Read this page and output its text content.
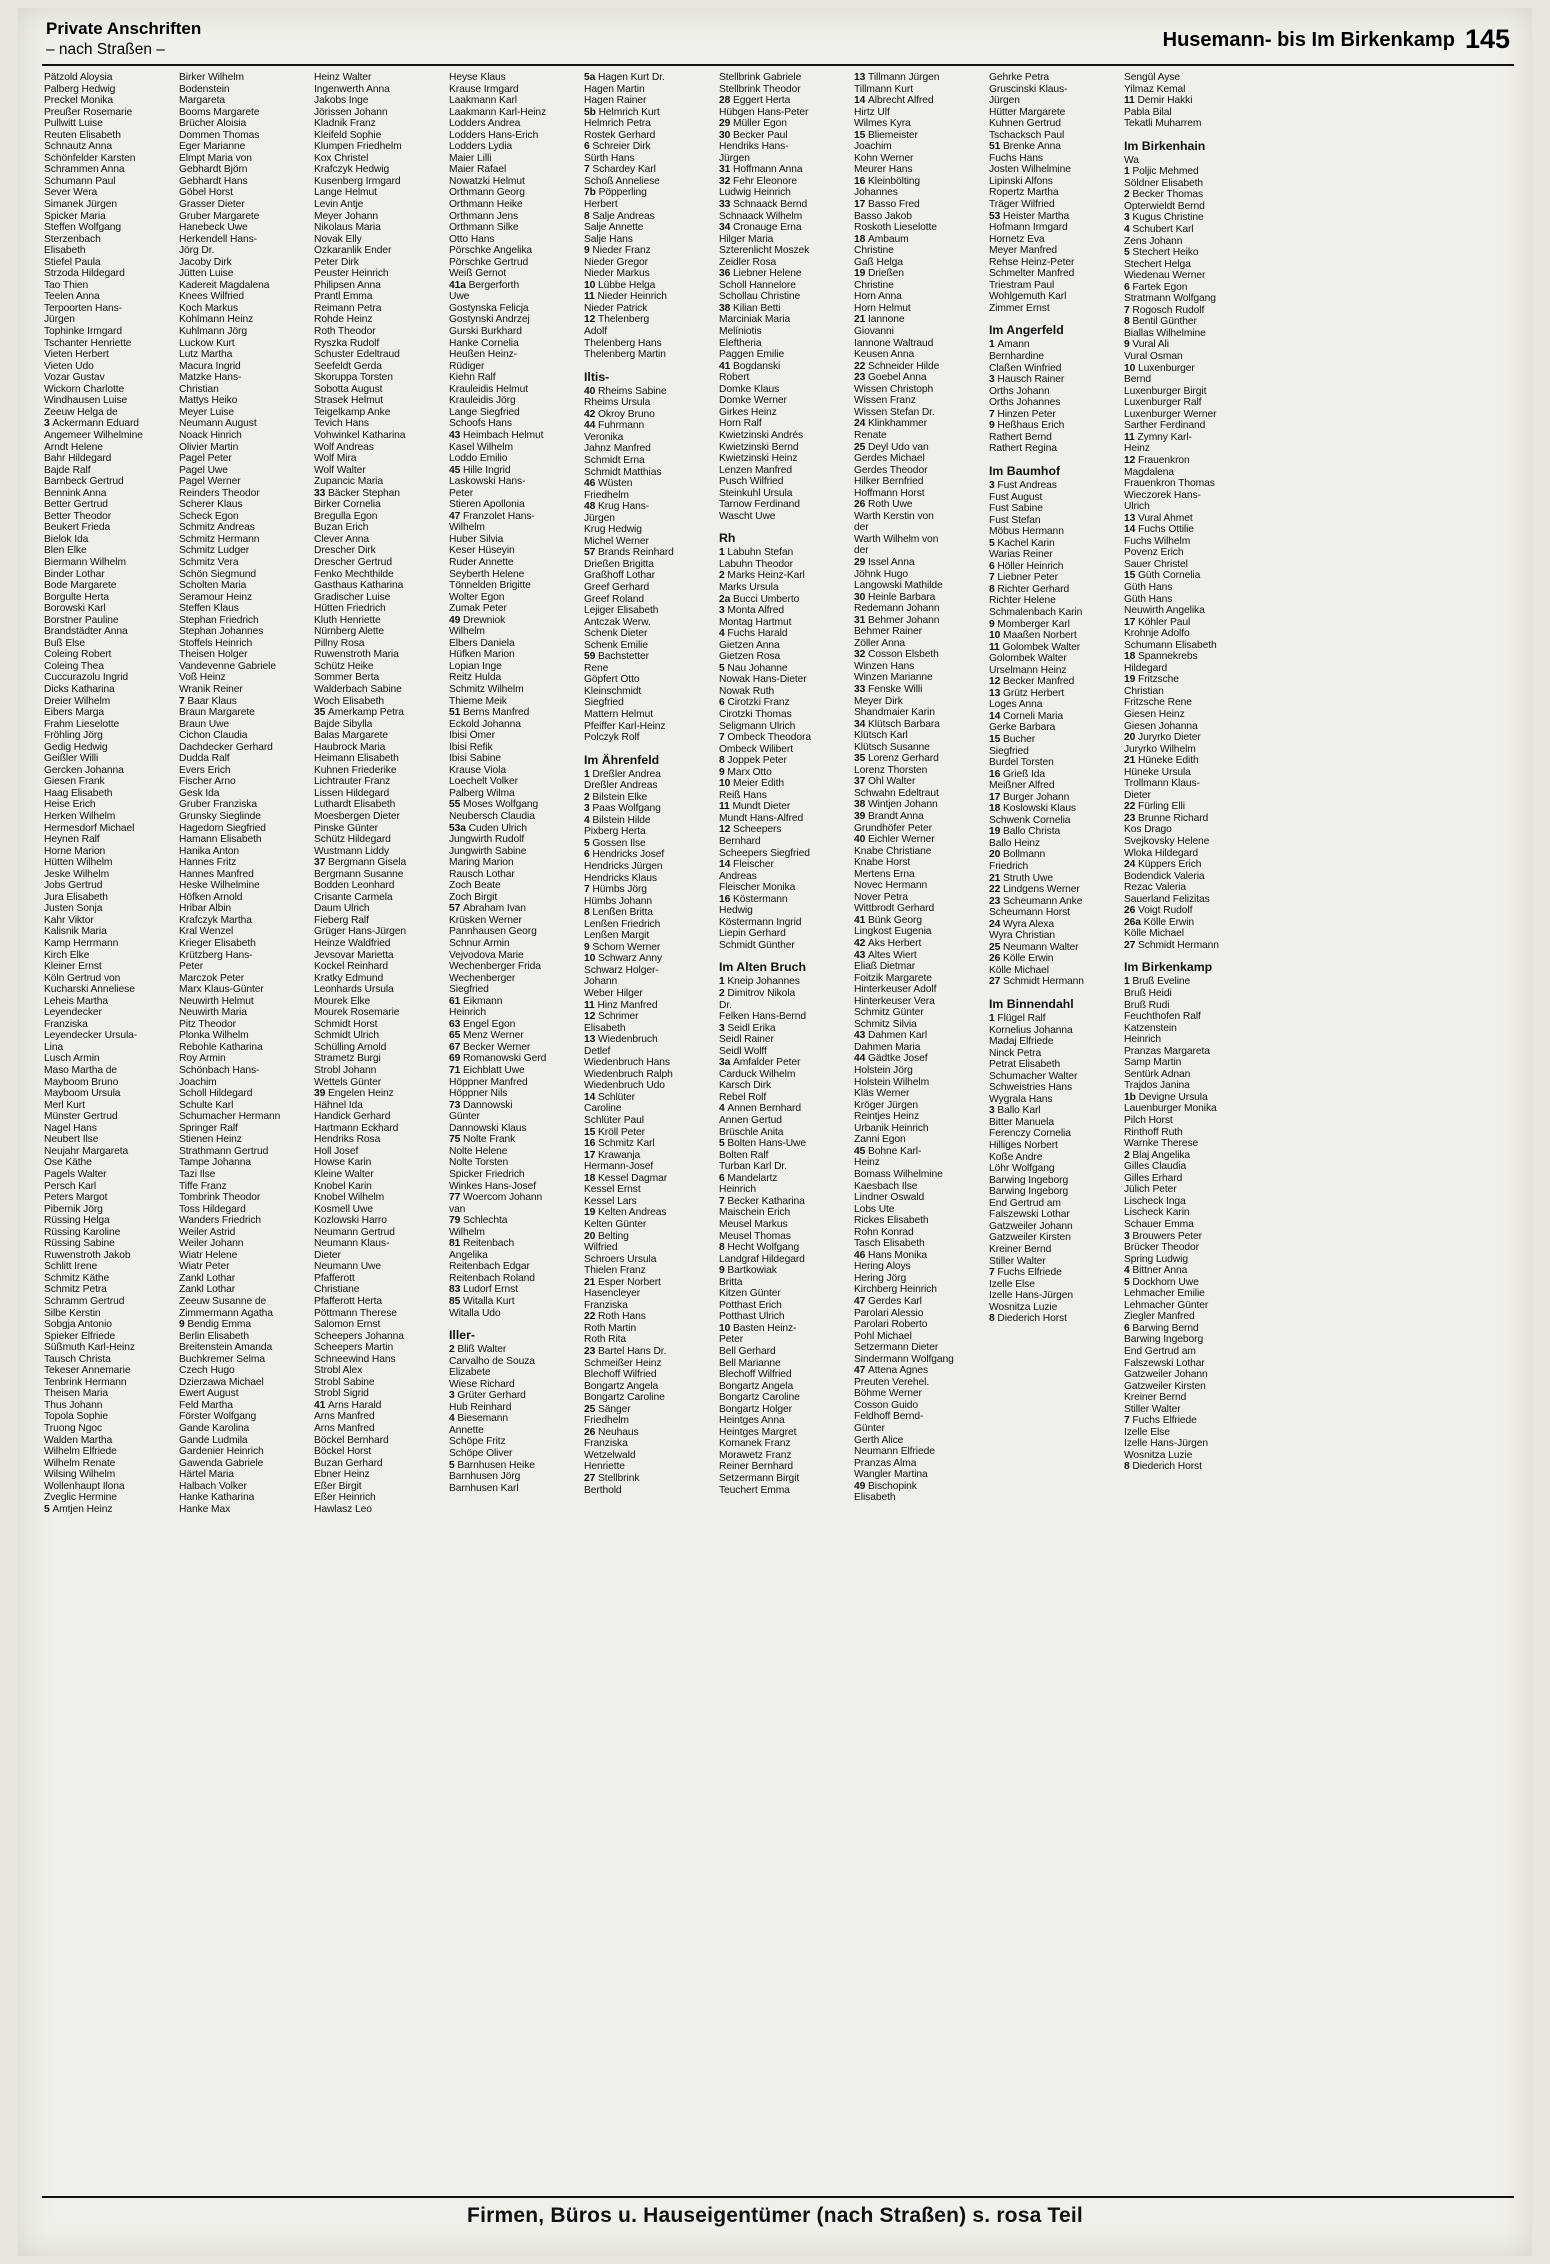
Private Anschriften
– nach Straßen –	Husemann- bis Im Birkenkamp 145
Pätzold Aloysia
Palberg Hedwig
Preckel Monika
Preußer Rosemarie
Pullwitt Luise
Reuten Elisabeth
Schnautz Anna
Schönfelder Karsten
Schrammen Anna
Schumann Paul
Sever Wera
Simanek Jürgen
Spicker Maria
Steffen Wolfgang
Sterzenbach
Elisabeth
Stiefel Paula
Strzoda Hildegard
Tao Thien
Teelen Anna
Terpoorten Hans-
Jürgen
Tophinke Irmgard
Tschanter Henriette
Vieten Herbert
Vieten Udo
Vozar Gustav
Wickorn Charlotte
Windhausen Luise
Zeeuw Helga de
3 Ackermann Eduard
Angemeer Wilhelmine
Arndt Helene
Bahr Hildegard
Bajde Ralf
Barnbeck Gertrud
Bennink Anna
Better Gertrud
Better Theodor
Beukert Frieda
Bielok Ida
Blen Elke
Biermann Wilhelm
Binder Lothar
Bode Margarete
Borgulte Herta
Borowski Karl
Borstner Pauline
Brandstädter Anna
Buß Else
Coleing Robert
Coleing Thea
Cuccurazolu Ingrid
Dicks Katharina
Dreier Wilhelm
Eibers Marga
Frahm Lieselotte
Fröhling Jörg
Gedig Hedwig
Geißler Willi
Gercken Johanna
Giesen Frank
Haag Elisabeth
Heise Erich
Herken Wilhelm
Hermesdorf Michael
Heynen Ralf
Horne Marion
Hütten Wilhelm
Jeske Wilhelm
Jobs Gertrud
Jura Elisabeth
Justen Sonja
Kahr Viktor
Kalisnik Maria
Kamp Herrmann
Kirch Elke
Kleiner Ernst
Köln Gertrud von
Kucharski Anneliese
Leheis Martha
Leyendecker
Franziska
Leyendecker Ursula-
Lina
Lusch Armin
Maso Martha de
Mayboom Bruno
Mayboom Ursula
Merl Kurt
Münster Gertrud
Nagel Hans
Neubert Ilse
Neujahr Margareta
Ose Käthe
Pagels Walter
Persch Karl
Peters Margot
Pibernik Jörg
Rüssing Helga
Rüssing Karoline
Rüssing Sabine
Ruwenstroth Jakob
Schlitt Irene
Schmitz Käthe
Schmitz Petra
Schramm Gertrud
Silbe Kerstin
Sobgja Antonio
Spieker Elfriede
Süßmuth Karl-Heinz
Tausch Christa
Tekeser Annemarie
Tenbrink Hermann
Theisen Maria
Thus Johann
Topola Sophie
Truong Ngoc
Walden Martha
Wilhelm Elfriede
Wilhelm Renate
Wilsing Wilhelm
Wollenhaupt Ilona
Zveglic Hermine
5 Amtjen Heinz
Birker Wilhelm
Bodenstein
Margareta
Booms Margarete
Brücher Aloisia
Dommen Thomas
Eger Marianne
Elmpt Maria von
Gebhardt Björn
Gebhardt Hans
Göbel Horst
Grasser Dieter
Gruber Margarete
Hanebeck Uwe
Herkendell Hans-
Jörg Dr.
Jacoby Dirk
Jütten Luise
Kadereit Magdalena
Knees Wilfried
Koch Markus
Kohlmann Heinz
Kuhlmann Jörg
Luckow Kurt
Lutz Martha
Macura Ingrid
Matzke Hans-
Christian
Mattys Heiko
Meyer Luise
Neumann August
Noack Hinrich
Olivier Martin
Pagel Peter
Pagel Uwe
Pagel Werner
Reinders Theodor
Scherer Klaus
Scheck Egon
Schmitz Andreas
Schmitz Hermann
Schmitz Ludger
Schmitz Vera
Schön Siegmund
Scholten Maria
Seramour Heinz
Steffen Klaus
Stephan Friedrich
Stephan Johannes
Stoffels Heinrich
Theisen Holger
Vandevenne Gabriele
Voß Heinz
Wranik Reiner
7 Baar Klaus
Braun Margarete
Braun Uwe
Cichon Claudia
Dachdecker Gerhard
Dudda Ralf
Evers Erich
Fischer Arno
Gesk Ida
Gruber Franziska
Grunsky Sieglinde
Hagedorn Siegfried
Hamann Elisabeth
Hanika Anton
Hannes Fritz
Hannes Manfred
Heske Wilhelmine
Höfken Arnold
Hribar Albin
Krafczyk Martha
Kral Wenzel
Krieger Elisabeth
Krützberg Hans-
Peter
Marczok Peter
Marx Klaus-Günter
Neuwirth Helmut
Neuwirth Maria
Pitz Theodor
Plonka Wilhelm
Rebohle Katharina
Roy Armin
Schönbach Hans-
Joachim
Scholl Hildegard
Schulte Karl
Schumacher Hermann
Springer Ralf
Stienen Heinz
Strathmann Gertrud
Tampe Johanna
Tazi Ilse
Tiffe Franz
Tombrink Theodor
Toss Hildegard
Wanders Friedrich
Weiler Astrid
Weiler Johann
Wiatr Helene
Wiatr Peter
Zankl Lothar
Zankl Lothar
Zeeuw Susanne de
Zimmermann Agatha
9 Bendig Emma
Berlin Elisabeth
Breitenstein Amanda
Buchkremer Selma
Czech Hugo
Dzierzawa Michael
Ewert August
Feld Martha
Förster Wolfgang
Gande Karolina
Gande Ludmila
Gardenier Heinrich
Gawenda Gabriele
Härtel Maria
Halbach Volker
Hanke Katharina
Hanke Max
Heinz Walter
Ingenwerth Anna
Jakobs Inge
Jörissen Johann
Kladnik Franz
Kleifeld Sophie
Klumpen Friedhelm
Kox Christel
Krafczyk Hedwig
Kusenberg Irmgard
Lange Helmut
Levin Antje
Meyer Johann
Nikolaus Maria
Novak Elly
Özkaranlik Ender
Peter Dirk
Peuster Heinrich
Philipsen Anna
Prantl Emma
Reimann Petra
Rohde Heinz
Roth Theodor
Ryszka Rudolf
Schuster Edeltraud
Seefeldt Gerda
Skoruppa Torsten
Sobotta August
Strasek Helmut
Teigelkamp Anke
Tevich Hans
Vohwinkel Katharina
Wolf Andreas
Wolf Mira
Wolf Walter
Zupancic Maria
33 Bäcker Stephan
Birker Cornelia
Bregulla Egon
Buzan Erich
Clever Anna
Drescher Dirk
Drescher Gertrud
Fenko Mechthilde
Gasthaus Katharina
Gradischer Luise
Hütten Friedrich
Kluth Henriette
Nürnberg Alette
Pillny Rosa
Ruwenstroth Maria
Schütz Heike
Sommer Berta
Walderbach Sabine
Woch Elisabeth
35 Amerkamp Petra
Bajde Sibylla
Balas Margarete
Haubrock Maria
Heimann Elisabeth
Kuhnen Friederike
Lichtrauter Franz
Lissen Hildegard
Luthardt Elisabeth
Moesbergen Dieter
Pinske Günter
Schütz Hildegard
Wustmann Liddy
37 Bergmann Gisela
Bergmann Susanne
Bodden Leonhard
Crisante Carmela
Daum Ulrich
Fieberg Ralf
Grüger Hans-Jürgen
Heinze Waldfried
Jevsovar Marietta
Kockel Reinhard
Kratky Edmund
Leonhards Ursula
Mourek Elke
Mourek Rosemarie
Schmidt Horst
Schmidt Ulrich
Schülling Arnold
Strametz Burgi
Strobl Johann
Wettels Günter
39 Engelen Heinz
Hähnel Ida
Handick Gerhard
Hartmann Eckhard
Hendriks Rosa
Holl Josef
Howse Karin
Kleine Walter
Knobel Karin
Knobel Wilhelm
Kosmell Uwe
Kozlowski Harro
Neumann Gertrud
Neumann Klaus-
Dieter
Neumann Uwe
Pfafferott
Christiane
Pfafferott Herta
Pöttmann Therese
Salomon Ernst
Scheepers Johanna
Scheepers Martin
Schneewind Hans
Strobl Alex
Strobl Sabine
Strobl Sigrid
41 Arns Harald
Arns Manfred
Arns Manfred
Böckel Bernhard
Böckel Horst
Buzan Gerhard
Ebner Heinz
Eßer Birgit
Eßer Heinrich
Hawlasz Leo
Heyse Klaus
Krause Irmgard
Laakmann Karl
Laakmann Karl-Heinz
Lodders Andrea
Lodders Hans-Erich
Lodders Lydia
Maier Lilli
Maier Rafael
Nowatzki Helmut
Orthmann Georg
Orthmann Heike
Orthmann Jens
Orthmann Silke
Otto Hans
Pörschke Angelika
Pörschke Gertrud
Weiß Gernot
41a Bergerforth
Uwe
Gostynska Felicja
Gostynski Andrzej
Gurski Burkhard
Hanke Cornelia
Heußen Heinz-
Rüdiger
Kiehn Ralf
Krauleidis Helmut
Krauleidis Jörg
Lange Siegfried
Schoofs Hans
43 Heimbach Helmut
Kasel Wilhelm
Loddo Emilio
45 Hille Ingrid
Laskowski Hans-
Peter
Stieren Apollonia
47 Franzolet Hans-
Wilhelm
Huber Silvia
Keser Hüseyin
Ruder Annette
Seyberth Helene
Tönnelden Brigitte
Wolter Egon
Zumak Peter
49 Drewniok
Wilhelm
Elbers Daniela
Hüfken Marion
Lopian Inge
Reitz Hulda
Schmitz Wilhelm
Thieme Meik
51 Berns Manfred
Eckold Johanna
Ibisi Ömer
Ibisi Refik
Ibisi Sabine
Krause Viola
Loechelt Volker
Palberg Wilma
55 Moses Wolfgang
Neubersch Claudia
53a Cuden Ulrich
Jungwirth Rudolf
Jungwirth Sabine
Maring Marion
Rausch Lothar
Zoch Beate
Zoch Birgit
57 Abraham Ivan
Krüsken Werner
Pannhausen Georg
Schnur Armin
Vejvodova Marie
Wechenberger Frida
Wechenberger
Siegfried
61 Eikmann
Heinrich
63 Engel Egon
65 Menz Werner
67 Becker Werner
69 Romanowski Gerd
71 Eichblatt Uwe
Höppner Manfred
Höppner Nils
73 Dannowski
Günter
Dannowski Klaus
75 Nolte Frank
Nolte Helene
Nolte Torsten
Spicker Friedrich
Winkes Hans-Josef
77 Woercom Johann
van
79 Schlechta
Wilhelm
81 Reitenbach
Angelika
Reitenbach Edgar
Reitenbach Roland
83 Ludorf Ernst
85 Witalla Kurt
Witalla Udo
Iller-
2 Bliß Walter
Carvalho de Souza
Elizabete
Wiese Richard
3 Grüter Gerhard
Hub Reinhard
4 Biesemann
Annette
Schöpe Fritz
Schöpe Oliver
5 Barnhusen Heike
Barnhusen Jörg
Barnhusen Karl
5a Hagen Kurt Dr.
Hagen Martin
Hagen Rainer
5b Helmrich Kurt
Helmrich Petra
Rostek Gerhard
6 Schreier Dirk
Sürth Hans
7 Schardey Karl
Schoß Anneliese
7b Pöpperling
Herbert
8 Salje Andreas
Salje Annette
Salje Hans
9 Nieder Franz
Nieder Gregor
Nieder Markus
10 Lübbe Helga
11 Nieder Heinrich
Nieder Patrick
12 Thelenberg
Adolf
Thelenberg Hans
Thelenberg Martin
Iltis-
40 Rheims Sabine
Rheims Ursula
42 Okroy Bruno
44 Fuhrmann
Veronika
Jahnz Manfred
Schmidt Erna
Schmidt Matthias
46 Wüsten
Friedhelm
48 Krug Hans-
Jürgen
Krug Hedwig
Michel Werner
57 Brands Reinhard
Drießen Brigitta
Graßhoff Lothar
Greef Gerhard
Greef Roland
Lejiger Elisabeth
Antczak Werw.
Schenk Dieter
Schenk Emilie
59 Bachstetter
Rene
Göpfert Otto
Kleinschmidt
Siegfried
Mattern Helmut
Pfeiffer Karl-Heinz
Polczyk Rolf
Im Ährenfeld
1 Dreßler Andrea
Dreßler Andreas
2 Bilstein Elke
3 Paas Wolfgang
4 Bilstein Hilde
Pixberg Herta
5 Gossen Ilse
6 Hendricks Josef
Hendricks Jürgen
Hendricks Klaus
7 Hümbs Jörg
Hümbs Johann
8 Lenßen Britta
Lenßen Friedrich
Lenßen Margit
9 Schorn Werner
10 Schwarz Anny
Schwarz Holger-
Johann
Weber Hilger
11 Hinz Manfred
12 Schrimer
Elisabeth
13 Wiedenbruch
Detlef
Wiedenbruch Hans
Wiedenbruch Ralph
Wiedenbruch Udo
14 Schlüter
Caroline
Schlüter Paul
15 Kröll Peter
16 Schmitz Karl
17 Krawanja
Hermann-Josef
18 Kessel Dagmar
Kessel Ernst
Kessel Lars
19 Kelten Andreas
Kelten Günter
20 Belting
Wilfried
Schroers Ursula
Thielen Franz
21 Esper Norbert
Hasencleyer
Franziska
22 Roth Hans
Roth Martin
Roth Rita
23 Bartel Hans Dr.
Schmeißer Heinz
Blechoff Wilfried
Bongartz Angela
Bongartz Caroline
25 Sänger
Friedhelm
26 Neuhaus
Franziska
Wetzelwald
Henriette
27 Stellbrink
Berthold
Stellbrink Gabriele
Stellbrink Theodor
28 Eggert Herta
Hübgen Hans-Peter
29 Müller Egon
30 Becker Paul
Hendriks Hans-
Jürgen
31 Hoffmann Anna
32 Fehr Eleonore
Ludwig Heinrich
33 Schnaack Bernd
Schnaack Wilhelm
34 Cronauge Erna
Hilger Maria
Szterenlicht Moszek
Zeidler Rosa
36 Liebner Helene
Scholl Hannelore
Schollau Christine
38 Kilian Betti
Marciniak Maria
Melíniotis
Eleftheria
Paggen Emilie
41 Bogdanski
Robert
Domke Klaus
Domke Werner
Girkes Heinz
Horn Ralf
Kwietzinski Andrés
Kwietzinski Bernd
Kwietzinski Heinz
Lenzen Manfred
Pusch Wilfried
Steinkuhl Ursula
Tarnow Ferdinand
Wascht Uwe
Rh
1 Labuhn Stefan
Labuhn Theodor
2 Marks Heinz-Karl
Marks Ursula
2a Bucci Umberto
3 Monta Alfred
Montag Hartmut
4 Fuchs Harald
Gietzen Anna
Gietzen Rosa
5 Nau Johanne
Nowak Hans-Dieter
Nowak Ruth
6 Cirotzki Franz
Cirotzki Thomas
Seligmann Ulrich
7 Ombeck Theodora
Ombeck Wilibert
8 Joppek Peter
9 Marx Otto
10 Meier Edith
Reiß Hans
11 Mundt Dieter
Mundt Hans-Alfred
12 Scheepers
Bernhard
Scheepers Siegfried
14 Fleischer
Andreas
Fleischer Monika
16 Köstermann
Hedwig
Köstermann Ingrid
Liepin Gerhard
Schmidt Günther
Im Alten Bruch
1 Kneip Johannes
2 Dimitrov Nikola
Dr.
Felken Hans-Bernd
3 Seidl Erika
Seidl Rainer
Seidl Wolff
3a Amfalder Peter
Carduck Wilhelm
Karsch Dirk
Rebel Rolf
4 Annen Bernhard
Annen Gertud
Brüschle Anita
5 Bolten Hans-Uwe
Bolten Ralf
Turban Karl Dr.
6 Mandelartz
Heinrich
7 Becker Katharina
Maischein Erich
Meusel Markus
Meusel Thomas
8 Hecht Wolfgang
Landgraf Hildegard
9 Bartkowiak
Britta
Kitzen Günter
Potthast Erich
Potthast Ulrich
10 Basten Heinz-
Peter
Bell Gerhard
Bell Marianne
Blechoff Wilfried
Bongartz Angela
Bongartz Caroline
Bongartz Holger
Heintges Anna
Heintges Margret
Komanek Franz
Morawetz Franz
Reiner Bernhard
Setzermann Birgit
Teuchert Emma
13 Tillmann Jürgen
Tillmann Kurt
14 Albrecht Alfred
Hirtz Ulf
Wilmes Kyra
15 Bliemeister
Joachim
Kohn Werner
Meurer Hans
16 Kleinbölting
Johannes
17 Basso Fred
Basso Jakob
Roskoth Lieselotte
18 Ambaum
Christine
Gaß Helga
19 Drießen
Christine
Horn Anna
Horn Helmut
21 Iannone
Giovanni
Iannone Waltraud
Keusen Anna
22 Schneider Hilde
23 Goebel Anna
Wissen Christoph
Wissen Franz
Wissen Stefan Dr.
24 Klinkhammer
Renate
25 Deyl Udo van
Gerdes Michael
Gerdes Theodor
Hilker Bernfried
Hoffmann Horst
26 Roth Uwe
Warth Kerstin von
der
Warth Wilhelm von
der
29 Issel Anna
Jöhnk Hugo
Langowski Mathilde
30 Heinle Barbara
Redemann Johann
31 Behmer Johann
Behmer Rainer
Zöller Anna
32 Cosson Elsbeth
Winzen Hans
Winzen Marianne
33 Fenske Willi
Meyer Dirk
Shandmaier Karin
34 Klütsch Barbara
Klütsch Karl
Klütsch Susanne
35 Lorenz Gerhard
Lorenz Thorsten
37 Ohl Walter
Schwahn Edeltraut
38 Wintjen Johann
39 Brandt Anna
Grundhöfer Peter
40 Eichler Werner
Knabe Christiane
Knabe Horst
Mertens Erna
Novec Hermann
Nover Petra
Wittbrodt Gerhard
41 Bünk Georg
Lingkost Eugenia
42 Aks Herbert
43 Altes Wiert
Eliaß Dietmar
Foitzik Margarete
Hinterkeuser Adolf
Hinterkeuser Vera
Schmitz Günter
Schmitz Silvia
43 Dahmen Karl
Dahmen Maria
44 Gädtke Josef
Holstein Jörg
Holstein Wilhelm
Kläs Werner
Kröger Jürgen
Reintjes Heinz
Urbanik Heinrich
Zanni Egon
45 Bohne Karl-
Heinz
Bomass Wilhelmine
Kaesbach Ilse
Lindner Oswald
Lobs Ute
Rickes Elisabeth
Rohn Konrad
Tasch Elisabeth
46 Hans Monika
Hering Aloys
Hering Jörg
Kirchberg Heinrich
47 Gerdes Karl
Parolari Alessio
Parolari Roberto
Pohl Michael
Setzermann Dieter
Sindermann Wolfgang
47 Attena Agnes
Preuten Verehel.
Böhme Werner
Cosson Guido
Feldhoff Bernd-
Günter
Gerth Alice
Neumann Elfriede
Pranzas Alma
Wangler Martina
49 Bischopink
Elisabeth
Gehrke Petra
Gruscinski Klaus-
Jürgen
Hütter Margarete
Kuhnen Gertrud
Tschacksch Paul
51 Brenke Anna
Fuchs Hans
Josten Wilhelmine
Lipinski Alfons
Ropertz Martha
Träger Wilfried
53 Heister Martha
Hofmann Irmgard
Hornetz Eva
Meyer Manfred
Rehse Heinz-Peter
Schmelter Manfred
Triestram Paul
Wohlgemuth Karl
Zimmer Ernst
Im Angerfeld
1 Amann
Bernhardine
Claßen Winfried
3 Hausch Rainer
Orths Johann
Orths Johannes
7 Hinzen Peter
9 Heßhaus Erich
Rathert Bernd
Rathert Regina
Im Baumhof
3 Fust Andreas
Fust August
Fust Sabine
Fust Stefan
Möbus Hermann
5 Kachel Karin
Warias Reiner
6 Höller Heinrich
7 Liebner Peter
8 Richter Gerhard
Richter Helene
Schmalenbach Karin
9 Momberger Karl
10 Maaßen Norbert
11 Golombek Walter
Golombek Walter
Urselmann Heinz
12 Becker Manfred
13 Grütz Herbert
Loges Anna
14 Corneli Maria
Gerke Barbara
15 Bucher
Siegfried
Burdel Torsten
16 Grieß Ida
Meißner Alfred
17 Burger Johann
18 Koslowski Klaus
Schwenk Cornelia
19 Ballo Christa
Ballo Heinz
20 Bollmann
Friedrich
21 Struth Uwe
22 Lindgens Werner
23 Scheumann Anke
Scheumann Horst
24 Wyra Alexa
Wyra Christian
25 Neumann Walter
26 Kölle Erwin
Kölle Michael
27 Schmidt Hermann
Im Binnendahl
1 Flügel Ralf
Kornelius Johanna
Madaj Elfriede
Ninck Petra
Petrat Elisabeth
Schumacher Walter
Schweistries Hans
Wygrala Hans
3 Ballo Karl
Bitter Manuela
Ferenczy Cornelia
Hilliges Norbert
Koße Andre
Löhr Wolfgang
Barwing Ingeborg
Barwing Ingeborg
End Gertrud am
Falszewski Lothar
Gatzweiler Johann
Gatzweiler Kirsten
Kreiner Bernd
Stiller Walter
7 Fuchs Elfriede
Izelle Else
Izelle Hans-Jürgen
Wosnitza Luzie
8 Diederich Horst
Sengül Ayse
Yilmaz Kemal
11 Demir Hakki
Pabla Bilal
Tekatli Muharrem
Im Birkenhain
Wa
1 Poljic Mehmed
Söldner Elisabeth
2 Becker Thomas
Opterwieldt Bernd
3 Kugus Christine
4 Schubert Karl
Zens Johann
5 Stechert Heiko
Stechert Helga
Wiedenau Werner
6 Fartek Egon
Stratmann Wolfgang
7 Rogosch Rudolf
8 Bentil Günther
Biallas Wilhelmine
9 Vural Ali
Vural Osman
10 Luxenburger
Bernd
Luxenburger Birgit
Luxenburger Ralf
Luxenburger Werner
Sarther Ferdinand
11 Zymny Karl-
Heinz
12 Frauenkron
Magdalena
Frauenkron Thomas
Wieczorek Hans-
Ulrich
13 Vural Ahmet
14 Fuchs Ottilie
Fuchs Wilhelm
Povenz Erich
Sauer Christel
15 Güth Cornelia
Güth Hans
Güth Hans
Neuwirth Angelika
17 Köhler Paul
Krohnje Adolfo
Schumann Elisabeth
18 Spannekrebs
Hildegard
19 Fritzsche
Christian
Fritzsche Rene
Giesen Heinz
Giesen Johanna
20 Juryrko Dieter
Juryrko Wilhelm
21 Hüneke Edith
Hüneke Ursula
Trollmann Klaus-
Dieter
22 Fürling Elli
23 Brunne Richard
Kos Drago
Svejkovsky Helene
Wloka Hildegard
24 Küppers Erich
Bodendick Valeria
Rezac Valeria
Sauerland Felizitas
26 Voigt Rudolf
26a Kölle Erwin
Kölle Michael
27 Schmidt Hermann
Im Birkenkamp
1 Bruß Eveline
Bruß Heidi
Bruß Rudi
Feuchthofen Ralf
Katzenstein
Heinrich
Pranzas Margareta
Samp Martin
Sentürk Adnan
Trajdos Janina
1b Devigne Ursula
Lauenburger Monika
Pilch Horst
Rinthoff Ruth
Warnke Therese
2 Blaj Angelika
Gilles Claudia
Gilles Erhard
Jülich Peter
Lischeck Inga
Lischeck Karin
Schauer Emma
3 Brouwers Peter
Brücker Theodor
Spring Ludwig
4 Bittner Anna
5 Dockhorn Uwe
Lehmacher Emilie
Lehmacher Günter
Ziegler Manfred
6 Barwing Bernd
Barwing Ingeborg
End Gertrud am
Falszewski Lothar
Gatzweiler Johann
Gatzweiler Kirsten
Kreiner Bernd
Stiller Walter
7 Fuchs Elfriede
Izelle Else
Izelle Hans-Jürgen
Wosnitza Luzie
8 Diederich Horst
Firmen, Büros u. Hauseigentümer (nach Straßen) s. rosa Teil
